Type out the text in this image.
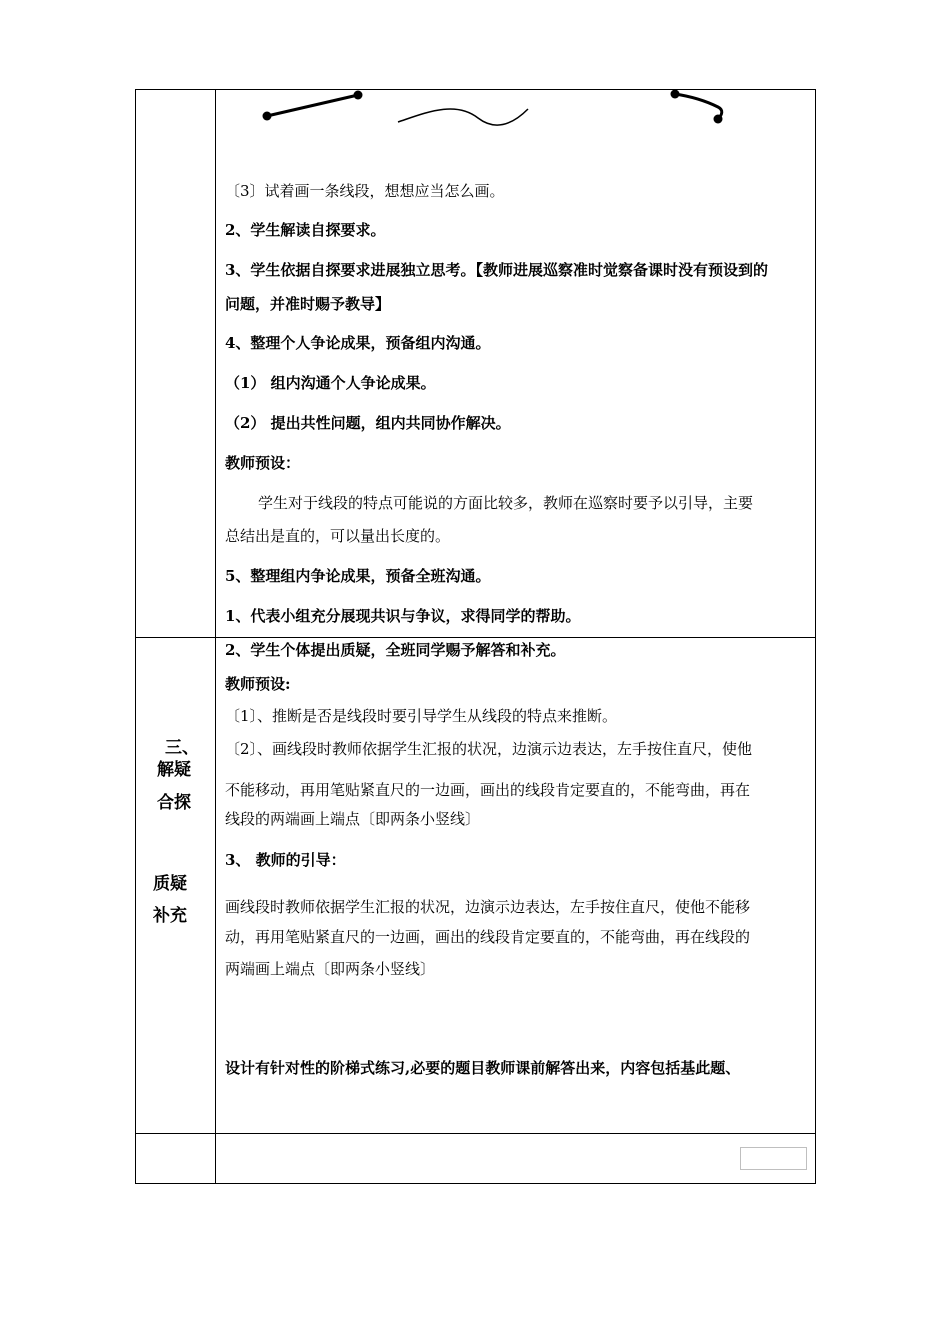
〔3〕试着画一条线段，想想应当怎么画。
2、学生解读自探要求。
3、学生依据自探要求进展独立思考。【教师进展巡察准时觉察备课时没有预设到的
问题，并准时赐予教导】
4、整理个人争论成果，预备组内沟通。
（1） 组内沟通个人争论成果。
（2） 提出共性问题，组内共同协作解决。
教师预设：
学生对于线段的特点可能说的方面比较多，教师在巡察时要予以引导，主要
总结出是直的，可以量出长度的。
5、整理组内争论成果，预备全班沟通。
1、代表小组充分展现共识与争议，求得同学的帮助。
三、
解疑
合探
质疑
补充
2、学生个体提出质疑，全班同学赐予解答和补充。
教师预设:
〔1〕、推断是否是线段时要引导学生从线段的特点来推断。
〔2〕、画线段时教师依据学生汇报的状况，边演示边表达，左手按住直尺，使他
不能移动，再用笔贴紧直尺的一边画，画出的线段肯定要直的，不能弯曲，再在
线段的两端画上端点〔即两条小竖线〕
3、 教师的引导：
画线段时教师依据学生汇报的状况，边演示边表达，左手按住直尺，使他不能移
动，再用笔贴紧直尺的一边画，画出的线段肯定要直的，不能弯曲，再在线段的
两端画上端点〔即两条小竖线〕
设计有针对性的阶梯式练习,必要的题目教师课前解答出来，内容包括基此题、
